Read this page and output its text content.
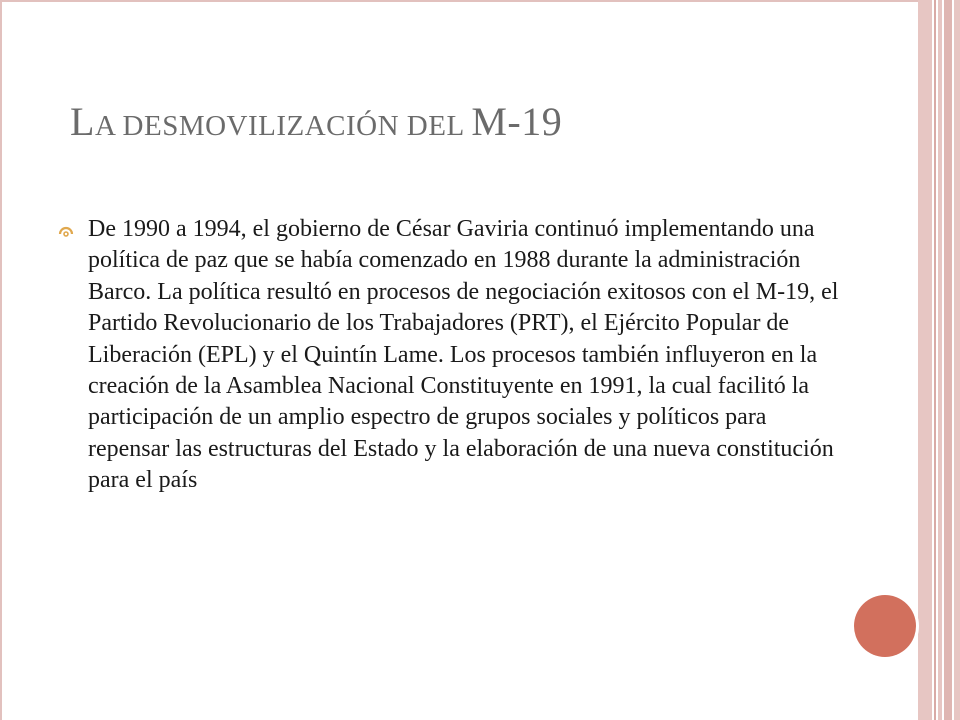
LA DESMOVILIZACIÓN DEL M-19

De 1990 a 1994, el gobierno de César Gaviria continuó implementando una política de paz que se había comenzado en 1988 durante la administración Barco. La política resultó en procesos de negociación exitosos con el M-19, el Partido Revolucionario de los Trabajadores (PRT), el Ejército Popular de Liberación (EPL) y el Quintín Lame. Los procesos también influyeron en la creación de la Asamblea Nacional Constituyente en 1991, la cual facilitó la participación de un amplio espectro de grupos sociales y políticos para repensar las estructuras del Estado y la elaboración de una nueva constitución para el país
